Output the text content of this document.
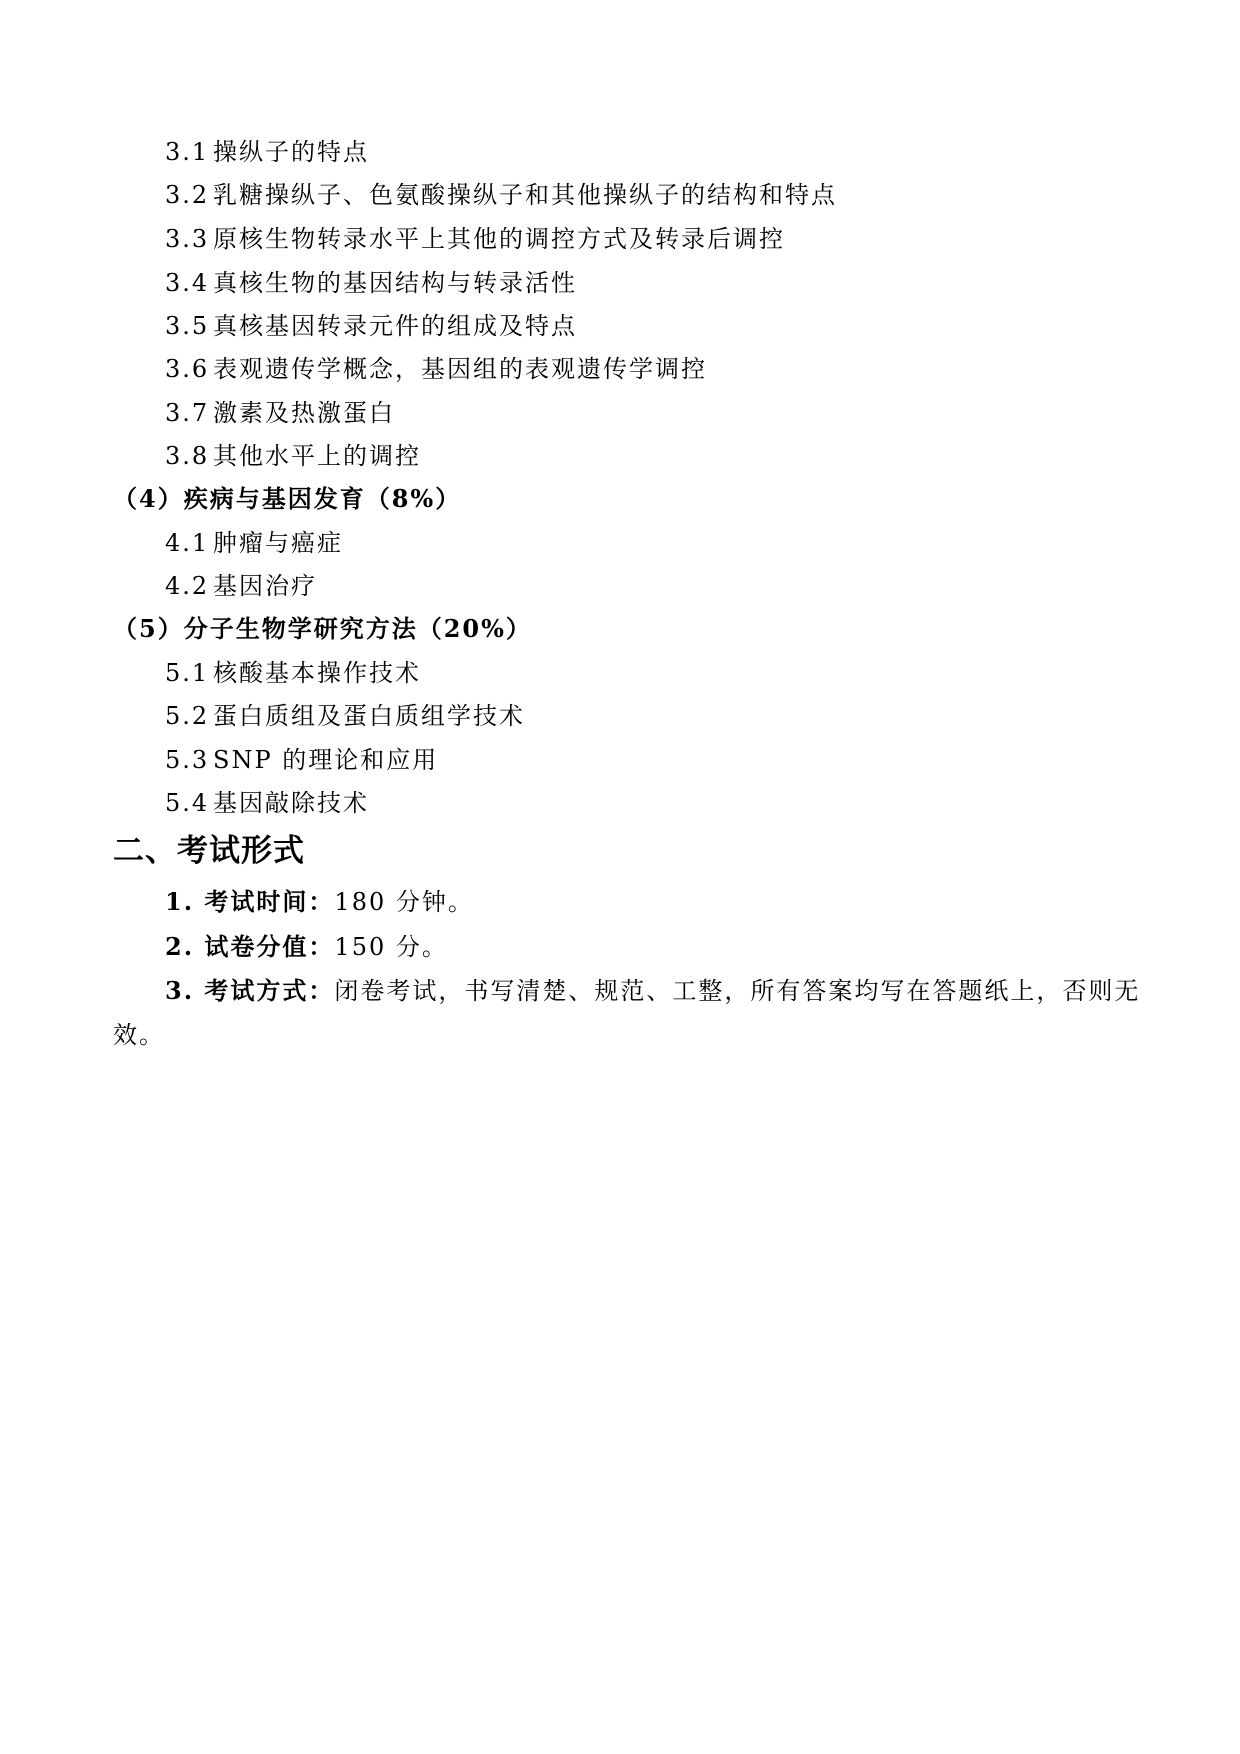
3.1 操纵子的特点
3.2 乳糖操纵子、色氨酸操纵子和其他操纵子的结构和特点
3.3 原核生物转录水平上其他的调控方式及转录后调控
3.4 真核生物的基因结构与转录活性
3.5 真核基因转录元件的组成及特点
3.6 表观遗传学概念，基因组的表观遗传学调控
3.7 激素及热激蛋白
3.8 其他水平上的调控
（4）疾病与基因发育（8%）
4.1 肿瘤与癌症
4.2 基因治疗
（5）分子生物学研究方法（20%）
5.1 核酸基本操作技术
5.2 蛋白质组及蛋白质组学技术
5.3 SNP 的理论和应用
5.4 基因敲除技术
二、考试形式
1. 考试时间：180 分钟。
2. 试卷分值：150 分。
3. 考试方式：闭卷考试，书写清楚、规范、工整，所有答案均写在答题纸上，否则无
效。
